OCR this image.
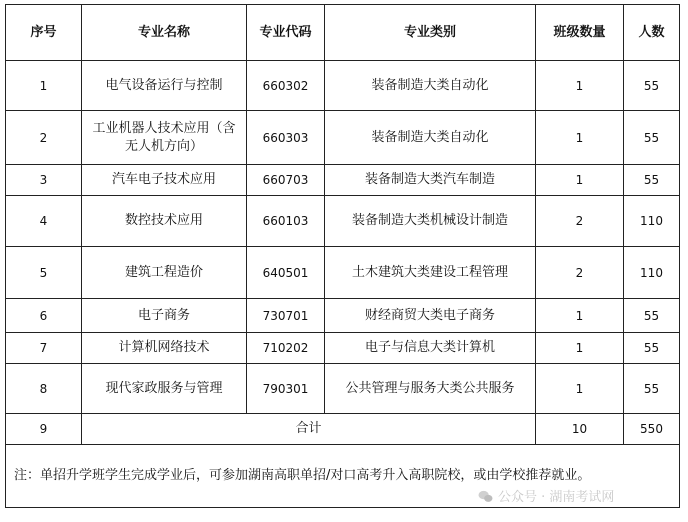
序号	专业名称	专业代码	专业类别	班级数量	人数
1	电气设备运行与控制	660302	装备制造大类自动化	1	55
2	工业机器人技术应用（含无人机方向）	660303	装备制造大类自动化	1	55
3	汽车电子技术应用	660703	装备制造大类汽车制造	1	55
4	数控技术应用	660103	装备制造大类机械设计制造	2	110
5	建筑工程造价	640501	土木建筑大类建设工程管理	2	110
6	电子商务	730701	财经商贸大类电子商务	1	55
7	计算机网络技术	710202	电子与信息大类计算机	1	55
8	现代家政服务与管理	790301	公共管理与服务大类公共服务	1	55
9	合计			10	550
注：单招升学班学生完成学业后，可参加湖南高职单招/对口高考升入高职院校，或由学校推荐就业。					
公众号 · 湖南考试网
